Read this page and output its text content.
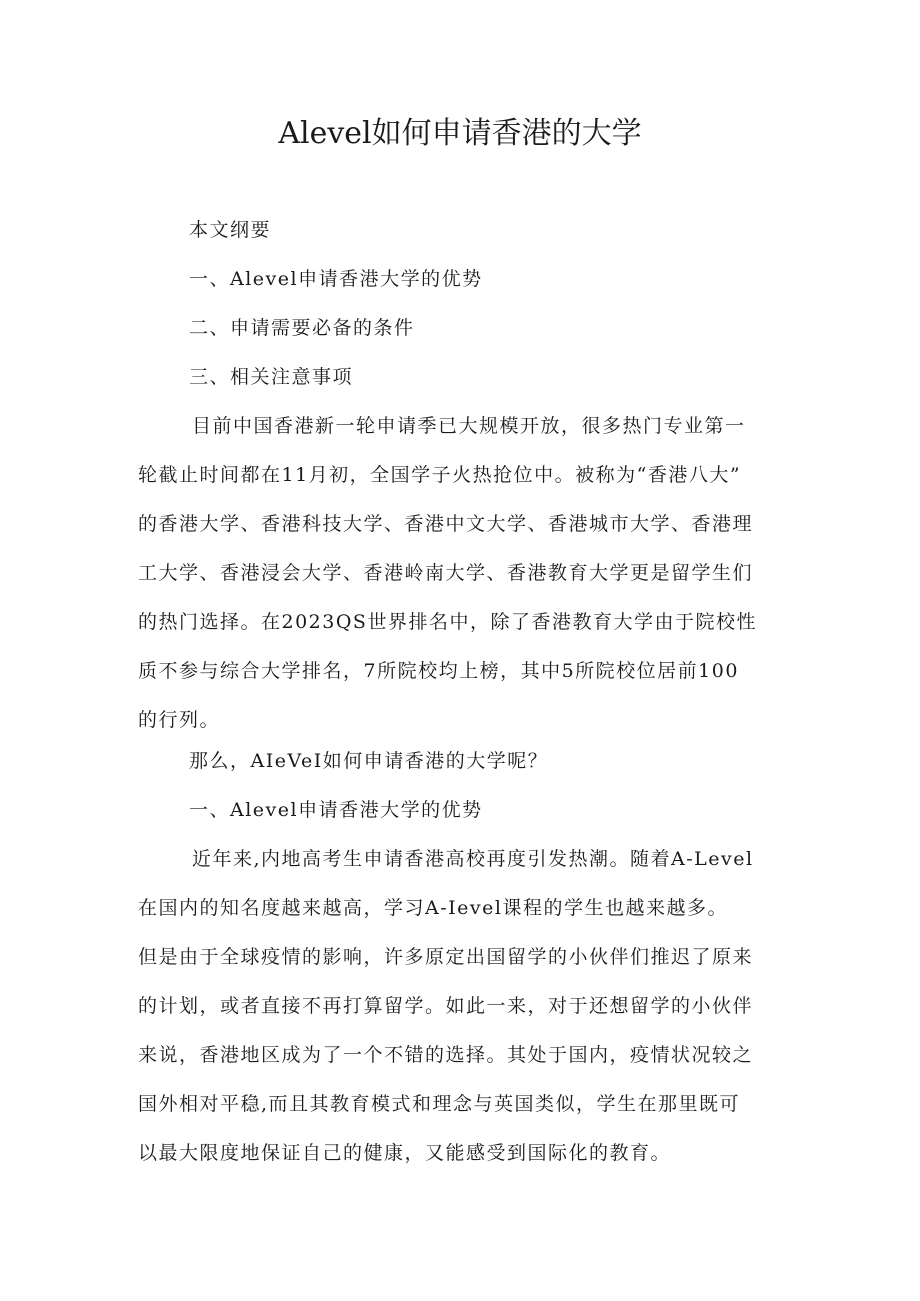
Alevel如何申请香港的大学
本文纲要
一、Alevel申请香港大学的优势
二、申请需要必备的条件
三、相关注意事项
目前中国香港新一轮申请季已大规模开放，很多热门专业第一
轮截止时间都在11月初，全国学子火热抢位中。被称为“香港八大”
的香港大学、香港科技大学、香港中文大学、香港城市大学、香港理
工大学、香港浸会大学、香港岭南大学、香港教育大学更是留学生们
的热门选择。在2023QS世界排名中，除了香港教育大学由于院校性
质不参与综合大学排名，7所院校均上榜，其中5所院校位居前100
的行列。
那么，AIeVeI如何申请香港的大学呢？
一、Alevel申请香港大学的优势
近年来,内地高考生申请香港高校再度引发热潮。随着A-Level
在国内的知名度越来越高，学习A-Ievel课程的学生也越来越多。
但是由于全球疫情的影响，许多原定出国留学的小伙伴们推迟了原来
的计划，或者直接不再打算留学。如此一来，对于还想留学的小伙伴
来说，香港地区成为了一个不错的选择。其处于国内，疫情状况较之
国外相对平稳,而且其教育模式和理念与英国类似，学生在那里既可
以最大限度地保证自己的健康，又能感受到国际化的教育。
